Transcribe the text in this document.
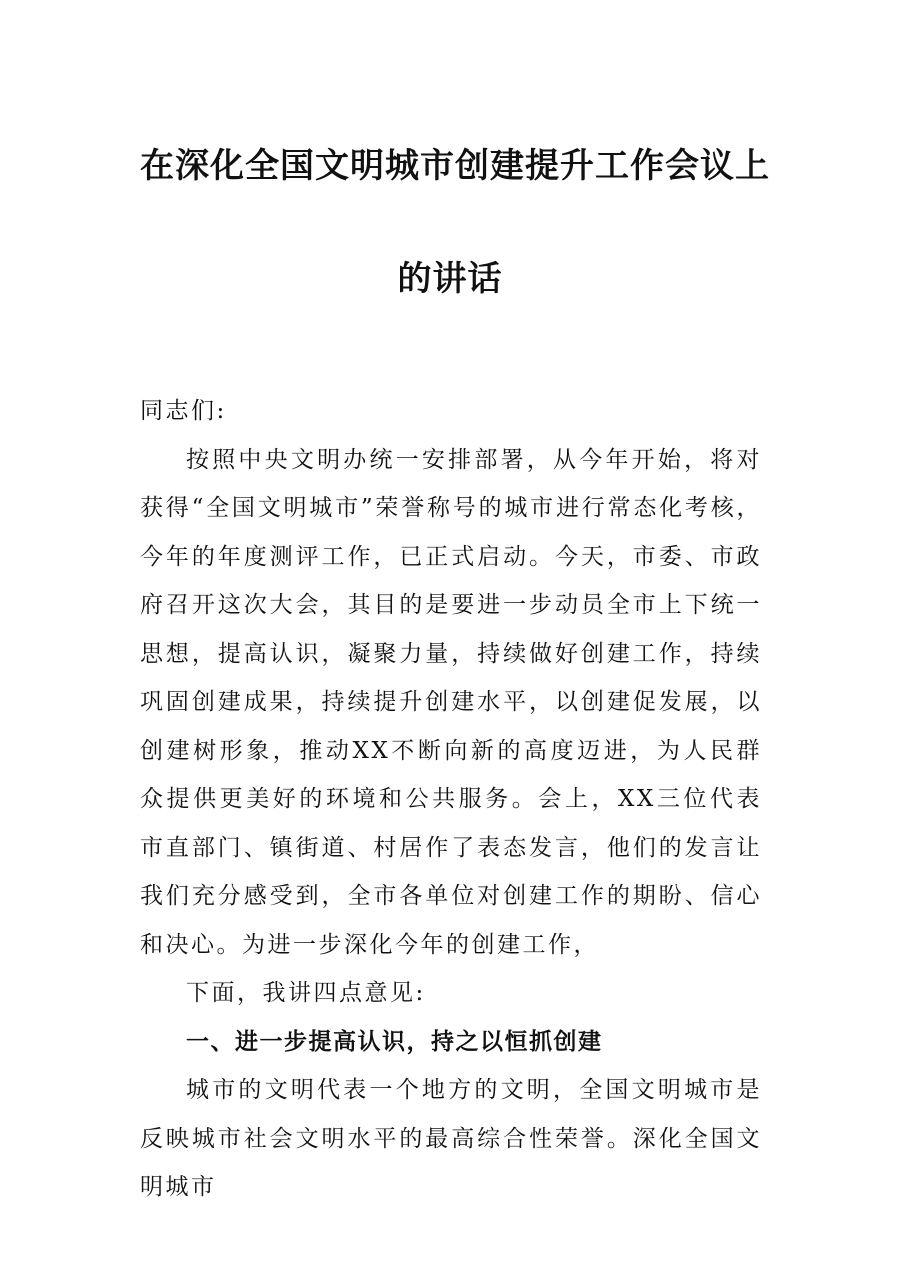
在深化全国文明城市创建提升工作会议上
的讲话

同志们:

按照中央文明办统一安排部署，从今年开始，将对获得“全国文明城市”荣誉称号的城市进行常态化考核，今年的年度测评工作，已正式启动。今天，市委、市政府召开这次大会，其目的是要进一步动员全市上下统一思想，提高认识，凝聚力量，持续做好创建工作，持续巩固创建成果，持续提升创建水平，以创建促发展，以创建树形象，推动XX不断向新的高度迈进，为人民群众提供更美好的环境和公共服务。会上，XX三位代表市直部门、镇街道、村居作了表态发言，他们的发言让我们充分感受到，全市各单位对创建工作的期盼、信心和决心。为进一步深化今年的创建工作，

下面，我讲四点意见:

一、进一步提高认识，持之以恒抓创建

城市的文明代表一个地方的文明，全国文明城市是反映城市社会文明水平的最高综合性荣誉。深化全国文明城市
